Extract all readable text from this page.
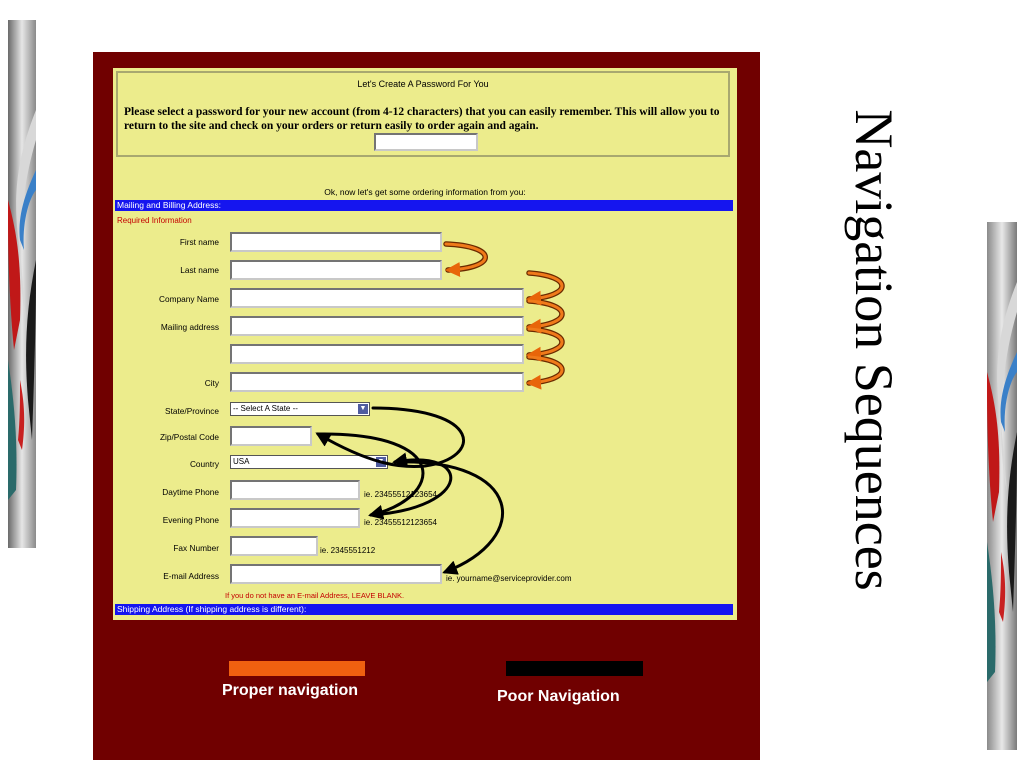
Navigation Sequences
Let's Create A Password For You
Please select a password for your new account (from 4-12 characters) that you can easily remember. This will allow you to return to the site and check on your orders or return easily to order again and again.
Ok, now let's get some ordering information from you:
Mailing and Billing Address:
Required Information
First name
Last name
Company Name
Mailing address
City
State/Province	-- Select A State --	▼
Zip/Postal Code
Country	USA	▼
Daytime Phone	ie. 23455512123654
Evening Phone	ie. 23455512123654
Fax Number	ie. 2345551212
E-mail Address	ie. yourname@serviceprovider.com
If you do not have an E-mail Address, LEAVE BLANK.
Shipping Address (If shipping address is different):
Proper navigation	Poor Navigation
